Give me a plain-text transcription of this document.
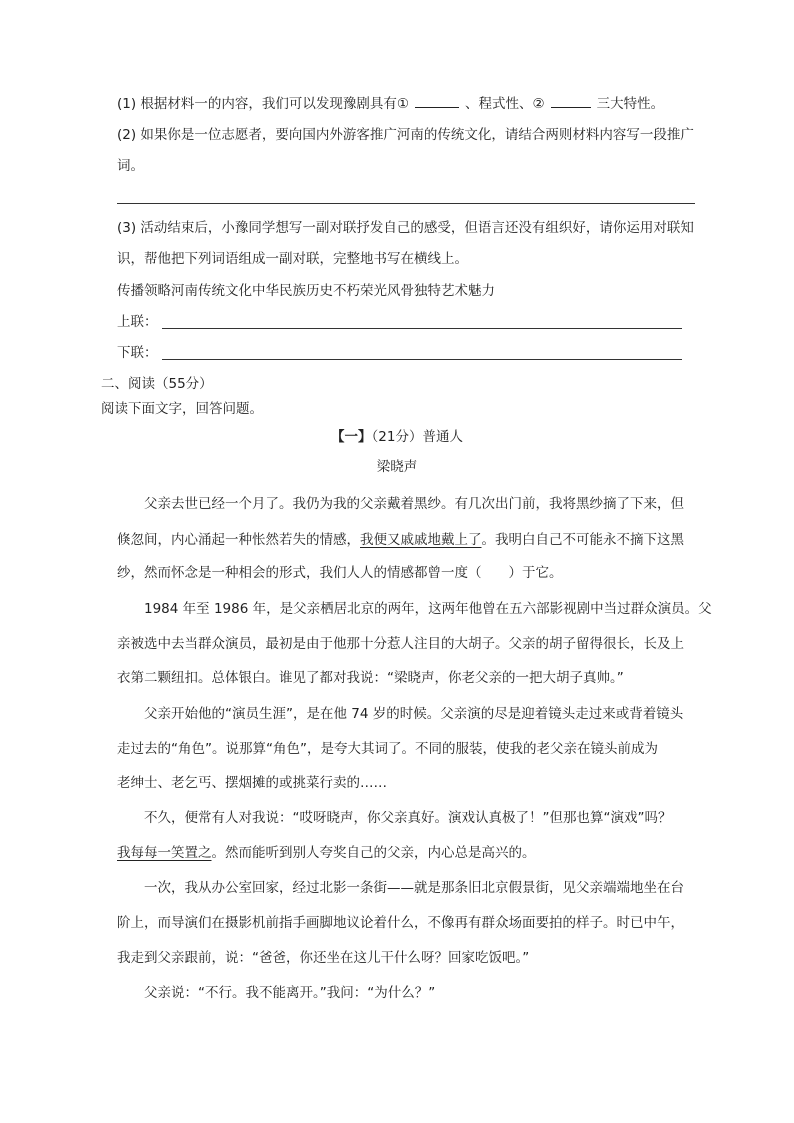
(1) 根据材料一的内容，我们可以发现豫剧具有①	、程式性、②	三大特性。
(2) 如果你是一位志愿者，要向国内外游客推广河南的传统文化，请结合两则材料内容写一段推广
词。
(3) 活动结束后，小豫同学想写一副对联抒发自己的感受，但语言还没有组织好，请你运用对联知
识，帮他把下列词语组成一副对联，完整地书写在横线上。
传播领略河南传统文化中华民族历史不朽荣光风骨独特艺术魅力
上联：
下联：
二、阅读（55分）
阅读下面文字，回答问题。
【一】（21分）普通人
梁晓声
父亲去世已经一个月了。我仍为我的父亲戴着黑纱。有几次出门前，我将黑纱摘了下来，但
倏忽间，内心涌起一种怅然若失的情感，我便又戚戚地戴上了。我明白自己不可能永不摘下这黑
纱，然而怀念是一种相会的形式，我们人人的情感都曾一度（　　）于它。
1984 年至 1986 年，是父亲栖居北京的两年，这两年他曾在五六部影视剧中当过群众演员。父
亲被选中去当群众演员，最初是由于他那十分惹人注目的大胡子。父亲的胡子留得很长，长及上
衣第二颗纽扣。总体银白。谁见了都对我说：“梁晓声，你老父亲的一把大胡子真帅。”
父亲开始他的“演员生涯”，是在他 74 岁的时候。父亲演的尽是迎着镜头走过来或背着镜头
走过去的“角色”。说那算“角色”，是夸大其词了。不同的服装，使我的老父亲在镜头前成为
老绅士、老乞丐、摆烟摊的或挑菜行卖的……
不久，便常有人对我说：“哎呀晓声，你父亲真好。演戏认真极了！”但那也算“演戏”吗？
我每每一笑置之。然而能听到别人夸奖自己的父亲，内心总是高兴的。
一次，我从办公室回家，经过北影一条街——就是那条旧北京假景街，见父亲端端地坐在台
阶上，而导演们在摄影机前指手画脚地议论着什么，不像再有群众场面要拍的样子。时已中午，
我走到父亲跟前，说：“爸爸，你还坐在这儿干什么呀？回家吃饭吧。”
父亲说：“不行。我不能离开。”我问：“为什么？”
